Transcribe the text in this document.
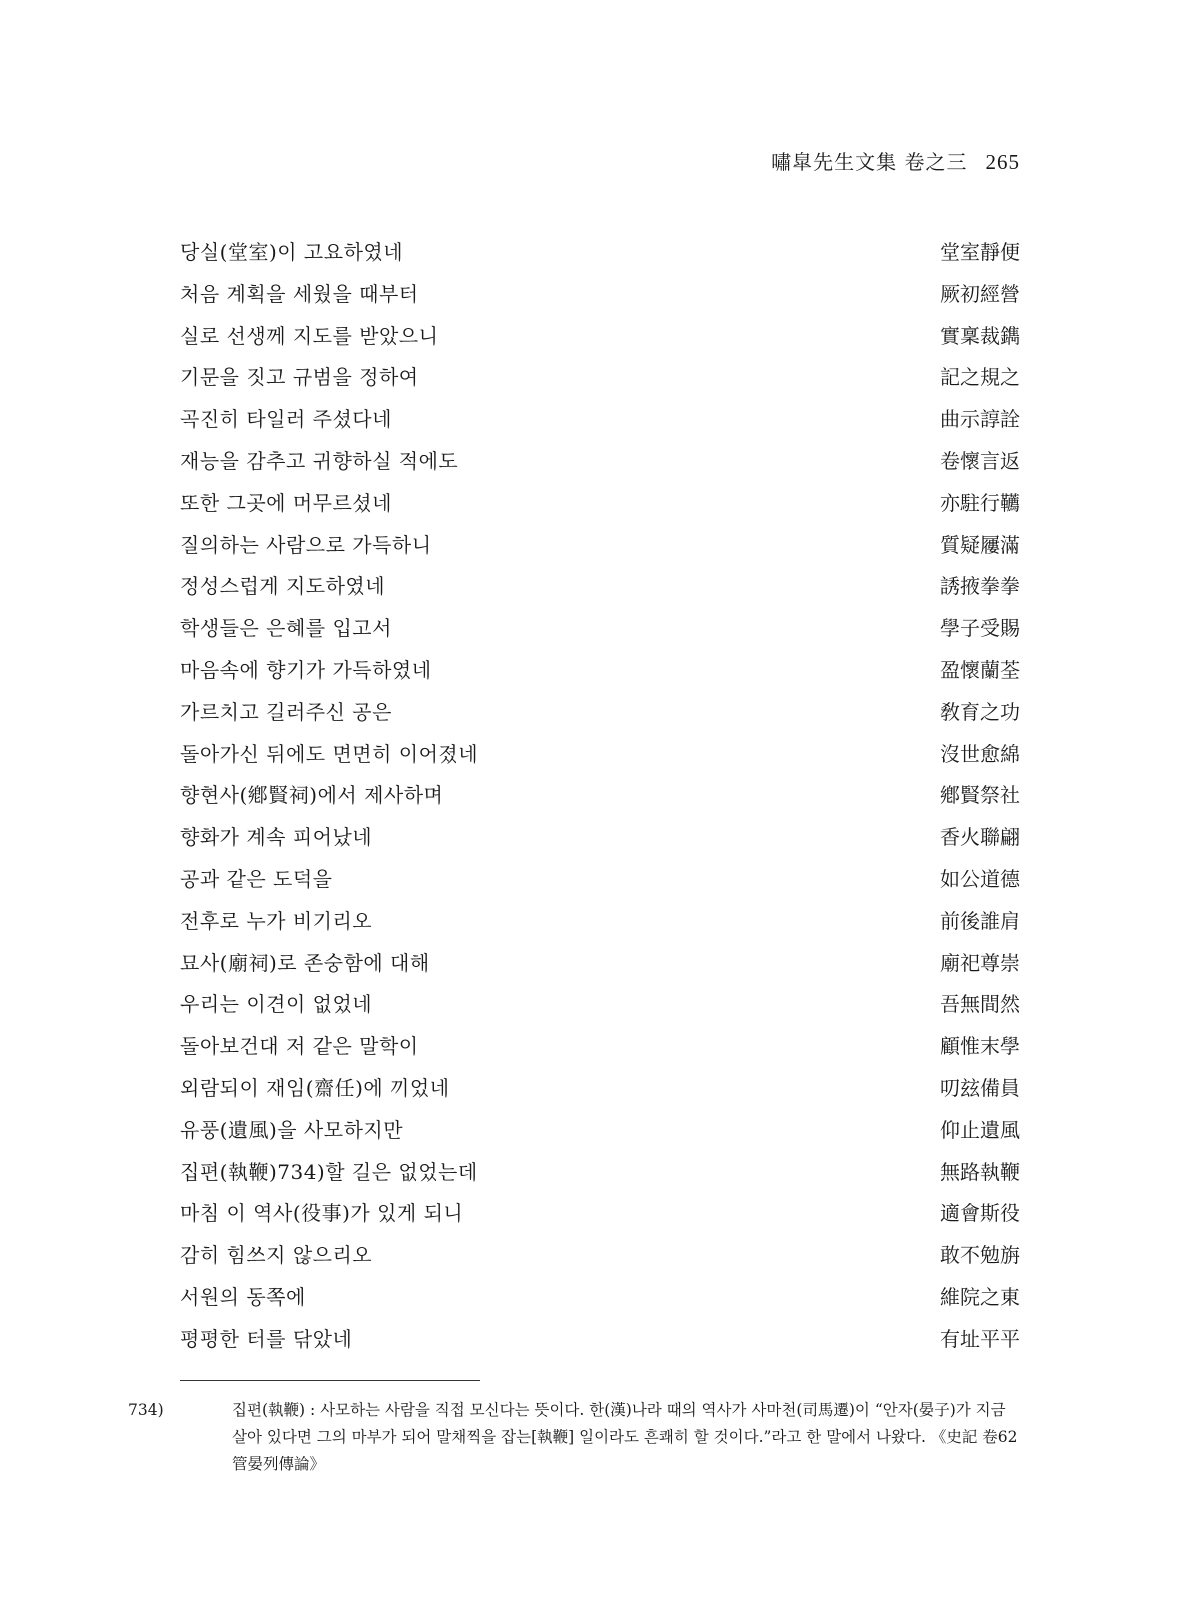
嘯皐先生文集 卷之三 265
당실(堂室)이 고요하였네	堂室靜便
처음 계획을 세웠을 때부터	厥初經營
실로 선생께 지도를 받았으니	實稟裁鐫
기문을 짓고 규범을 정하여	記之規之
곡진히 타일러 주셨다네	曲示諄詮
재능을 감추고 귀향하실 적에도	卷懷言返
또한 그곳에 머무르셨네	亦駐行韉
질의하는 사람으로 가득하니	質疑屨滿
정성스럽게 지도하였네	誘掖拳拳
학생들은 은혜를 입고서	學子受賜
마음속에 향기가 가득하였네	盈懷蘭荃
가르치고 길러주신 공은	敎育之功
돌아가신 뒤에도 면면히 이어졌네	沒世愈綿
향현사(鄕賢祠)에서 제사하며	鄕賢祭社
향화가 계속 피어났네	香火聯翩
공과 같은 도덕을	如公道德
전후로 누가 비기리오	前後誰肩
묘사(廟祠)로 존숭함에 대해	廟祀尊崇
우리는 이견이 없었네	吾無間然
돌아보건대 저 같은 말학이	顧惟末學
외람되이 재임(齋任)에 끼었네	叨玆備員
유풍(遺風)을 사모하지만	仰止遺風
집편(執鞭)734)할 길은 없었는데	無路執鞭
마침 이 역사(役事)가 있게 되니	適會斯役
감히 힘쓰지 않으리오	敢不勉旃
서원의 동쪽에	維院之東
평평한 터를 닦았네	有址平平
734)	집편(執鞭) : 사모하는 사람을 직접 모신다는 뜻이다. 한(漢)나라 때의 역사가 사마천(司馬遷)이 “안자(晏子)가 지금 살아 있다면 그의 마부가 되어 말채찍을 잡는[執鞭] 일이라도 흔쾌히 할 것이다.”라고 한 말에서 나왔다. 《史記 卷62 管晏列傳論》
